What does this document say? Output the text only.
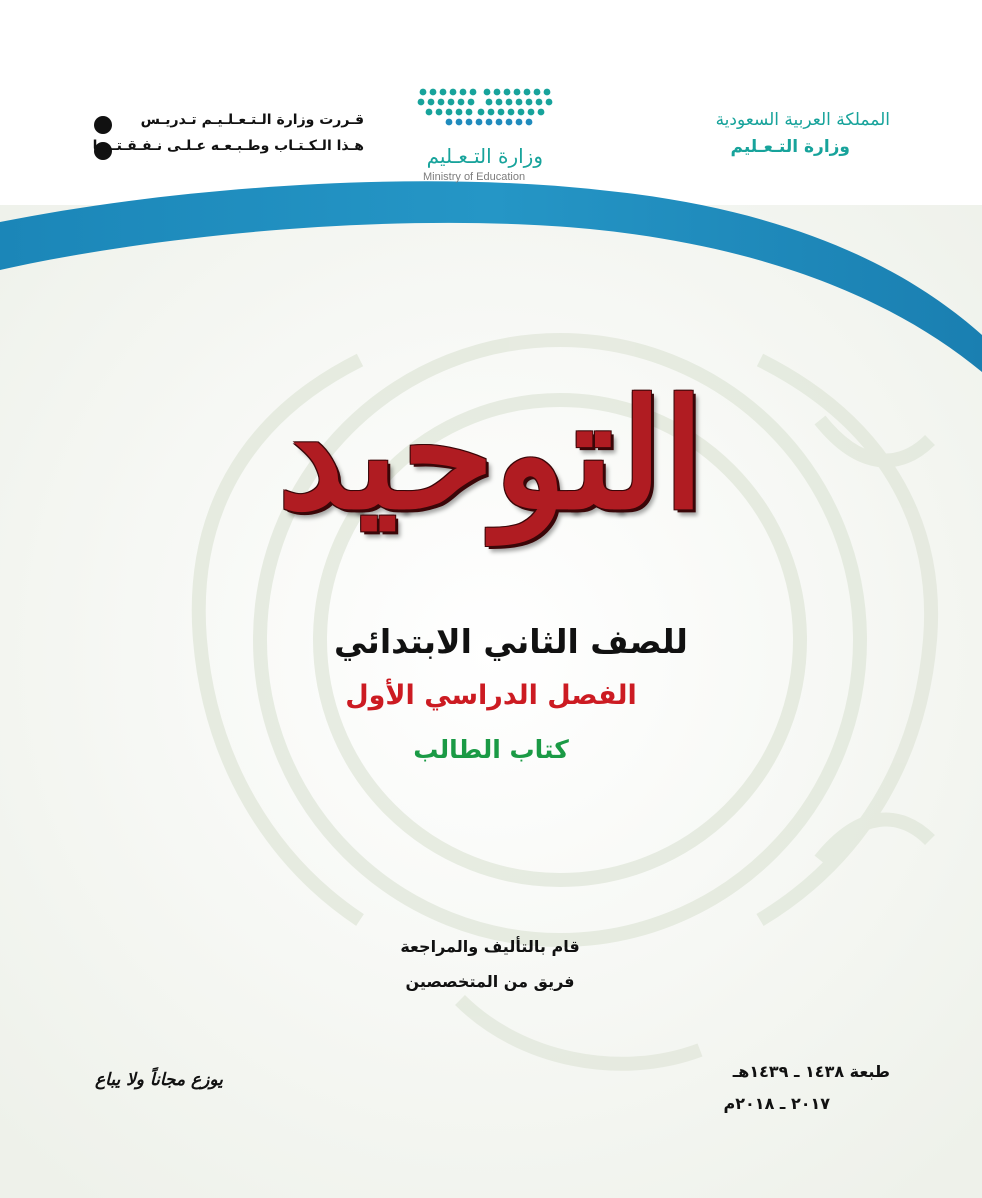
قـررت وزارة الـتـعـلـيـم تـدريـس
هـذا الـكـتـاب وطـبـعـه عـلـى نـفـقـتـهـا	وزارة التـعـليم
Ministry of Education
المملكة العربية السعودية
وزارة التـعـليم
التوحيد
للصف الثاني الابتدائي
الفصل الدراسي الأول
كتاب الطالب
قام بالتأليف والمراجعة
فريق من المتخصصين
طبعة ١٤٣٨ ـ ١٤٣٩هـ
٢٠١٧ ـ ٢٠١٨م
يوزع مجاناً ولا يباع
